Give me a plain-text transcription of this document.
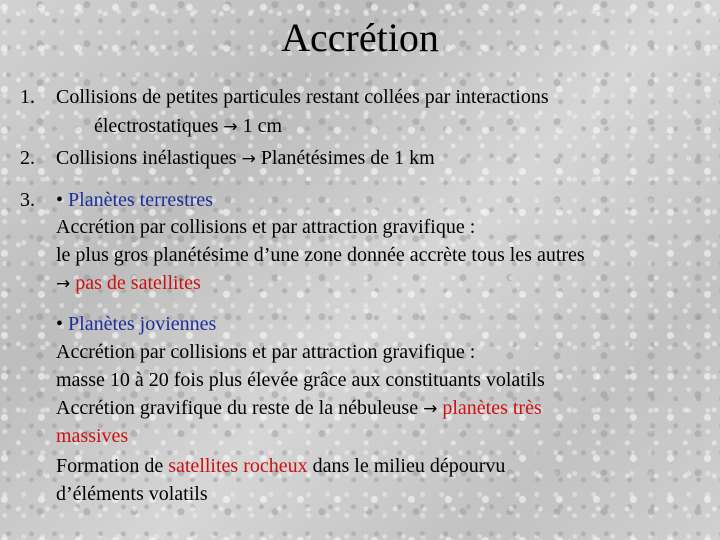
Accrétion
1. Collisions de petites particules restant collées par interactions
électrostatiques → 1 cm
2. Collisions inélastiques → Planétésimes de 1 km
3. • Planètes terrestres
Accrétion par collisions et par attraction gravifique :
le plus gros planétésime d’une zone donnée accrète tous les autres
→ pas de satellites
• Planètes joviennes
Accrétion par collisions et par attraction gravifique :
masse 10 à 20 fois plus élevée grâce aux constituants volatils
Accrétion gravifique du reste de la nébuleuse → planètes très
massives
Formation de satellites rocheux dans le milieu dépourvu
d’éléments volatils
